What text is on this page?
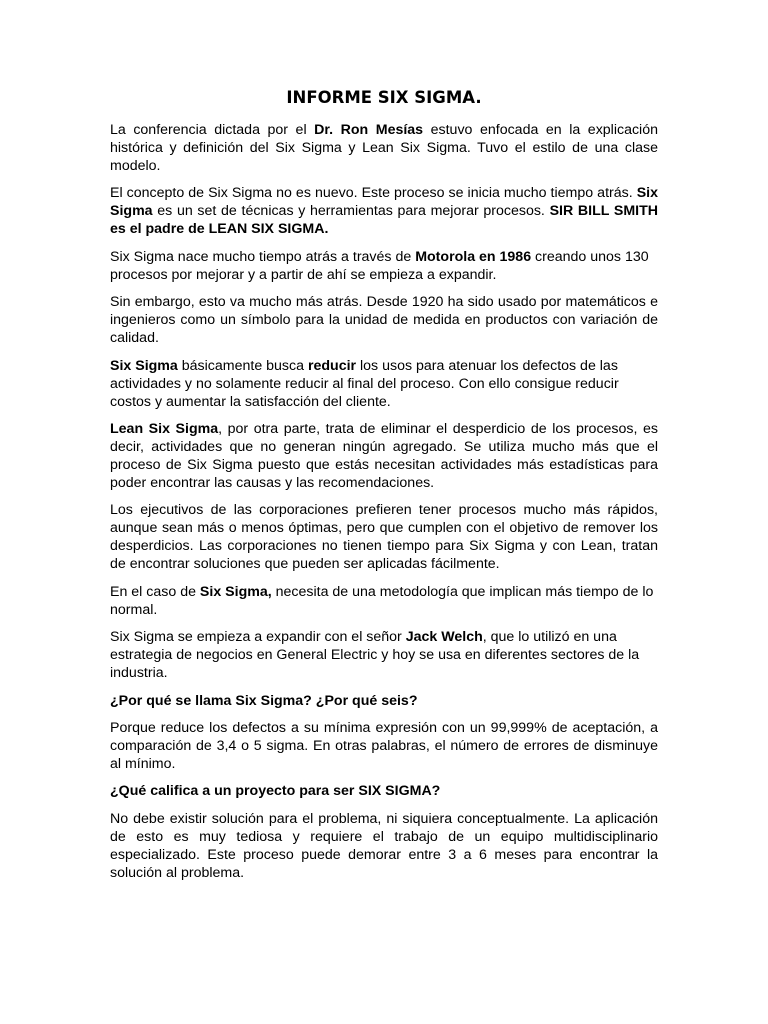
INFORME SIX SIGMA.

La conferencia dictada por el Dr. Ron Mesías estuvo enfocada en la explicación histórica y definición del Six Sigma y Lean Six Sigma. Tuvo el estilo de una clase modelo.

El concepto de Six Sigma no es nuevo. Este proceso se inicia mucho tiempo atrás. Six Sigma es un set de técnicas y herramientas para mejorar procesos. SIR BILL SMITH es el padre de LEAN SIX SIGMA.

Six Sigma nace mucho tiempo atrás a través de Motorola en 1986 creando unos 130 procesos por mejorar y a partir de ahí se empieza a expandir.

Sin embargo, esto va mucho más atrás. Desde 1920 ha sido usado por matemáticos e ingenieros como un símbolo para la unidad de medida en productos con variación de calidad.

Six Sigma básicamente busca reducir los usos para atenuar los defectos de las actividades y no solamente reducir al final del proceso. Con ello consigue reducir costos y aumentar la satisfacción del cliente.

Lean Six Sigma, por otra parte, trata de eliminar el desperdicio de los procesos, es decir, actividades que no generan ningún agregado. Se utiliza mucho más que el proceso de Six Sigma puesto que estás necesitan actividades más estadísticas para poder encontrar las causas y las recomendaciones.

Los ejecutivos de las corporaciones prefieren tener procesos mucho más rápidos, aunque sean más o menos óptimas, pero que cumplen con el objetivo de remover los desperdicios. Las corporaciones no tienen tiempo para Six Sigma y con Lean, tratan de encontrar soluciones que pueden ser aplicadas fácilmente.

En el caso de Six Sigma, necesita de una metodología que implican más tiempo de lo normal.

Six Sigma se empieza a expandir con el señor Jack Welch, que lo utilizó en una estrategia de negocios en General Electric y hoy se usa en diferentes sectores de la industria.

¿Por qué se llama Six Sigma? ¿Por qué seis?

Porque reduce los defectos a su mínima expresión con un 99,999% de aceptación, a comparación de 3,4 o 5 sigma. En otras palabras, el número de errores de disminuye al mínimo.

¿Qué califica a un proyecto para ser SIX SIGMA?

No debe existir solución para el problema, ni siquiera conceptualmente. La aplicación de esto es muy tediosa y requiere el trabajo de un equipo multidisciplinario especializado. Este proceso puede demorar entre 3 a 6 meses para encontrar la solución al problema.
